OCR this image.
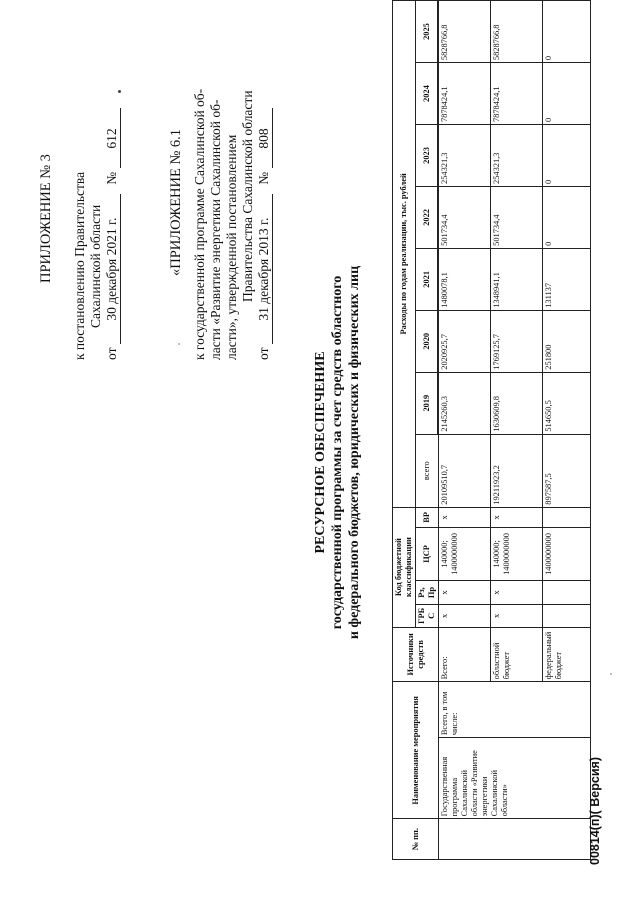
ПРИЛОЖЕНИЕ № 3 к постановлению Правительства Сахалинской области
от 30 декабря 2021 г. № 612	«ПРИЛОЖЕНИЕ № 6.1 к государственной программе Сахалинской об- ласти «Развитие энергетики Сахалинской об- ласти», утвержденной постановлением Правительства Сахалинской области
от 31 декабря 2013 г. № 808
РЕСУРСНОЕ ОБЕСПЕЧЕНИЕ государственной программы за счет средств областного и федерального бюджетов, юридических и физических лиц
№ пп.	Наименование мероприятия		Источники средств	Код бюджетной классификации				Расходы по годам реализации, тыс. рублей							
				ГРБС	Рз, Пр	ЦСР	ВР	всего	2019	2020	2021	2022	2023	2024	2025

	Государственная программа Сахалинской области «Развитие энергетики Сахалинской области»	Всего, в том числе:	Всего:	x	x	140000; 1400000000	x	20109510,7	2145260,3	2020925,7	1480078,1	501734,4	254321,3	7878424,1	5828766,8
			областной бюджет	x	x	140000; 1400000000	x	19211923,2	1630609,8	1769125,7	1348941,1	501734,4	254321,3	7878424,1	5828766,8
			федеральный бюджет			1400000000		897587,5	514650,5	251800	131137	0	0	0	0
00814(п)( Версия)
